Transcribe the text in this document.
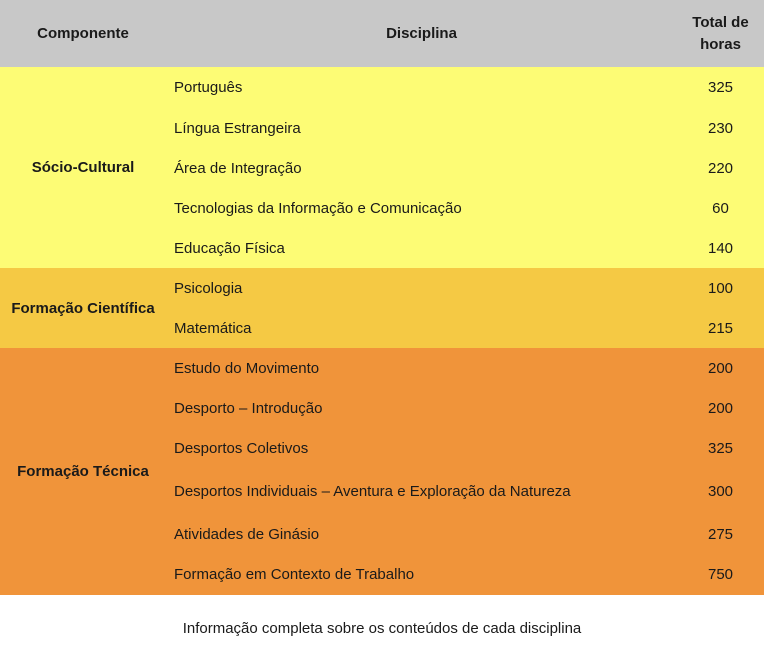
Componente	Disciplina	Total de
horas
Sócio-Cultural	Português	325
	Língua Estrangeira	230
	Área de Integração	220
	Tecnologias da Informação e Comunicação	60
	Educação Física	140
Formação Científica	Psicologia	100
	Matemática	215
Formação Técnica	Estudo do Movimento	200
	Desporto – Introdução	200
	Desportos Coletivos	325
	Desportos Individuais – Aventura e Exploração da Natureza	300
	Atividades de Ginásio	275
	Formação em Contexto de Trabalho	750
Informação completa sobre os conteúdos de cada disciplina
